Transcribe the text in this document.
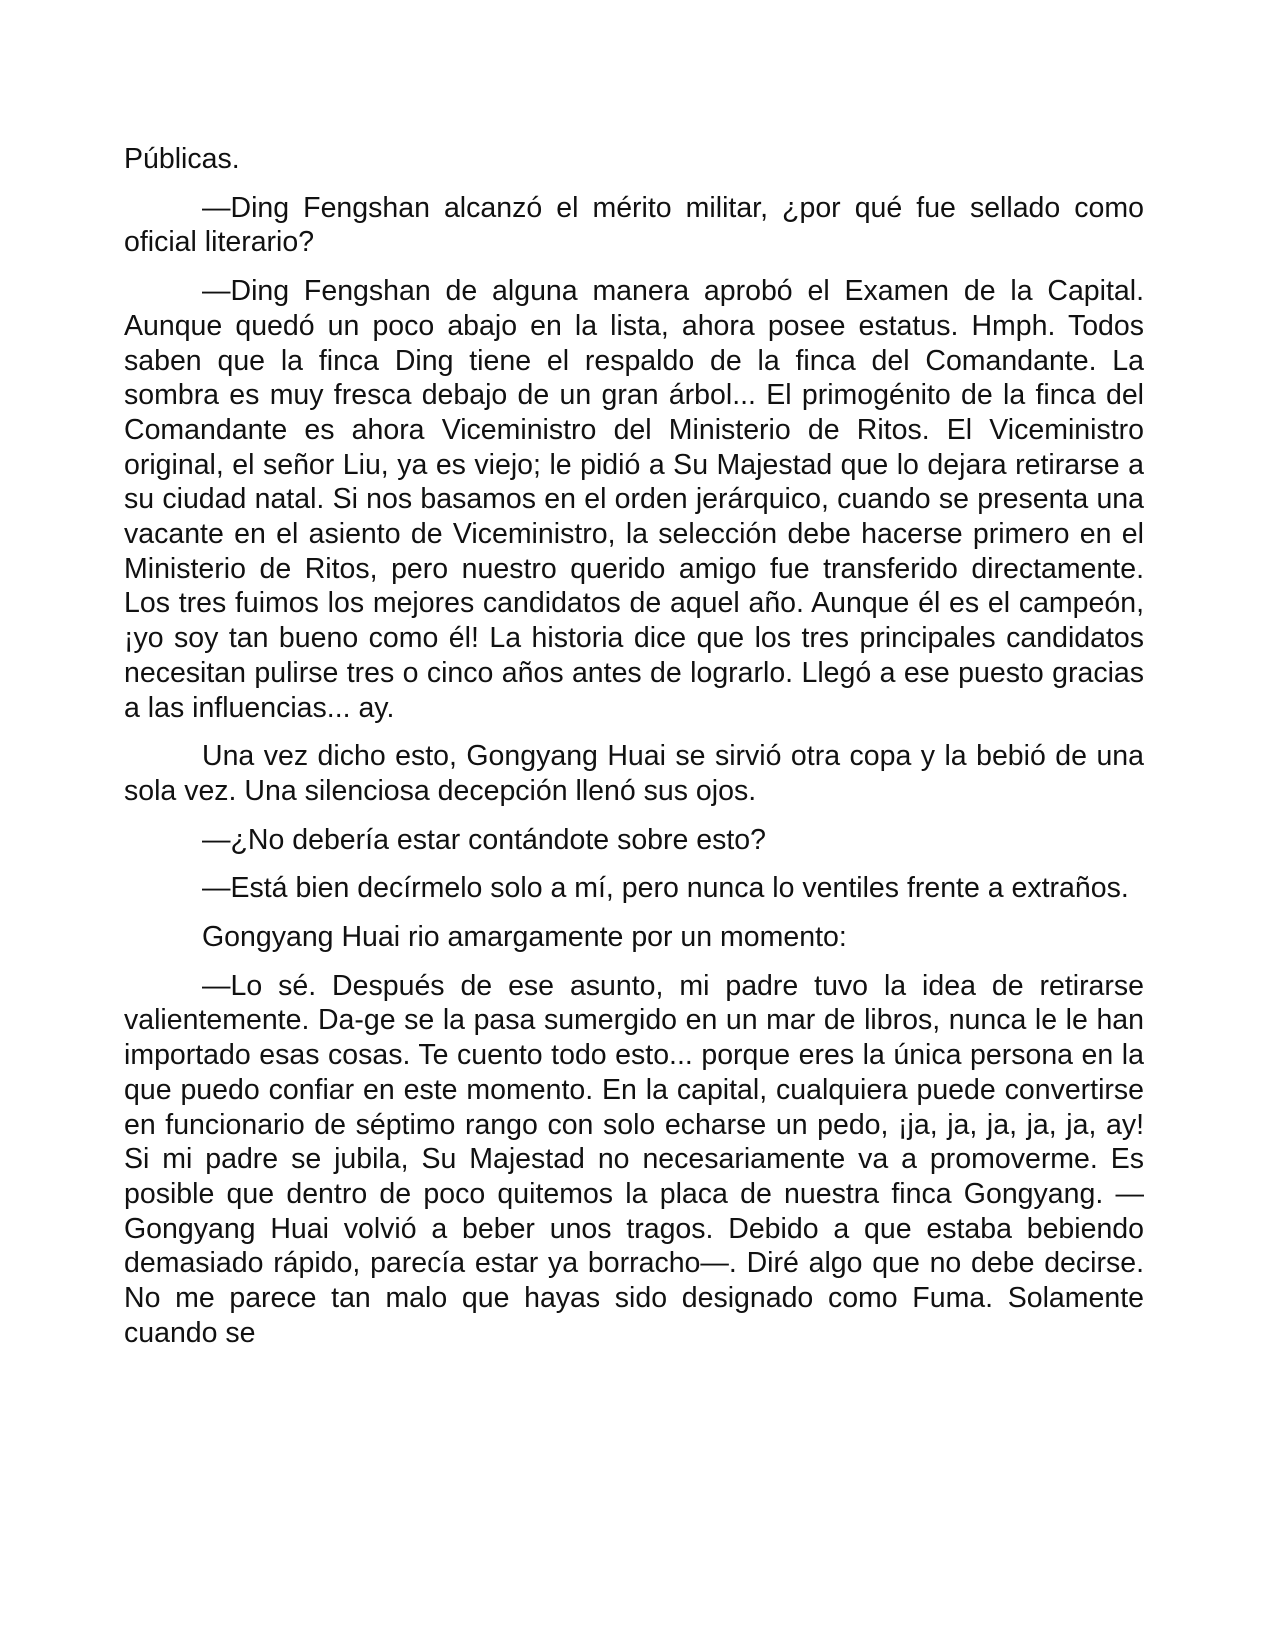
Públicas.

—Ding Fengshan alcanzó el mérito militar, ¿por qué fue sellado como oficial literario?

—Ding Fengshan de alguna manera aprobó el Examen de la Capital. Aunque quedó un poco abajo en la lista, ahora posee estatus. Hmph. Todos saben que la finca Ding tiene el respaldo de la finca del Comandante. La sombra es muy fresca debajo de un gran árbol... El primogénito de la finca del Comandante es ahora Viceministro del Ministerio de Ritos. El Viceministro original, el señor Liu, ya es viejo; le pidió a Su Majestad que lo dejara retirarse a su ciudad natal. Si nos basamos en el orden jerárquico, cuando se presenta una vacante en el asiento de Viceministro, la selección debe hacerse primero en el Ministerio de Ritos, pero nuestro querido amigo fue transferido directamente. Los tres fuimos los mejores candidatos de aquel año. Aunque él es el campeón, ¡yo soy tan bueno como él! La historia dice que los tres principales candidatos necesitan pulirse tres o cinco años antes de lograrlo. Llegó a ese puesto gracias a las influencias... ay.

Una vez dicho esto, Gongyang Huai se sirvió otra copa y la bebió de una sola vez. Una silenciosa decepción llenó sus ojos.

—¿No debería estar contándote sobre esto?

—Está bien decírmelo solo a mí, pero nunca lo ventiles frente a extraños.

Gongyang Huai rio amargamente por un momento:

—Lo sé. Después de ese asunto, mi padre tuvo la idea de retirarse valientemente. Da-ge se la pasa sumergido en un mar de libros, nunca le le han importado esas cosas. Te cuento todo esto... porque eres la única persona en la que puedo confiar en este momento. En la capital, cualquiera puede convertirse en funcionario de séptimo rango con solo echarse un pedo, ¡ja, ja, ja, ja, ja, ay! Si mi padre se jubila, Su Majestad no necesariamente va a promoverme. Es posible que dentro de poco quitemos la placa de nuestra finca Gongyang. —Gongyang Huai volvió a beber unos tragos. Debido a que estaba bebiendo demasiado rápido, parecía estar ya borracho—. Diré algo que no debe decirse. No me parece tan malo que hayas sido designado como Fuma. Solamente cuando se
